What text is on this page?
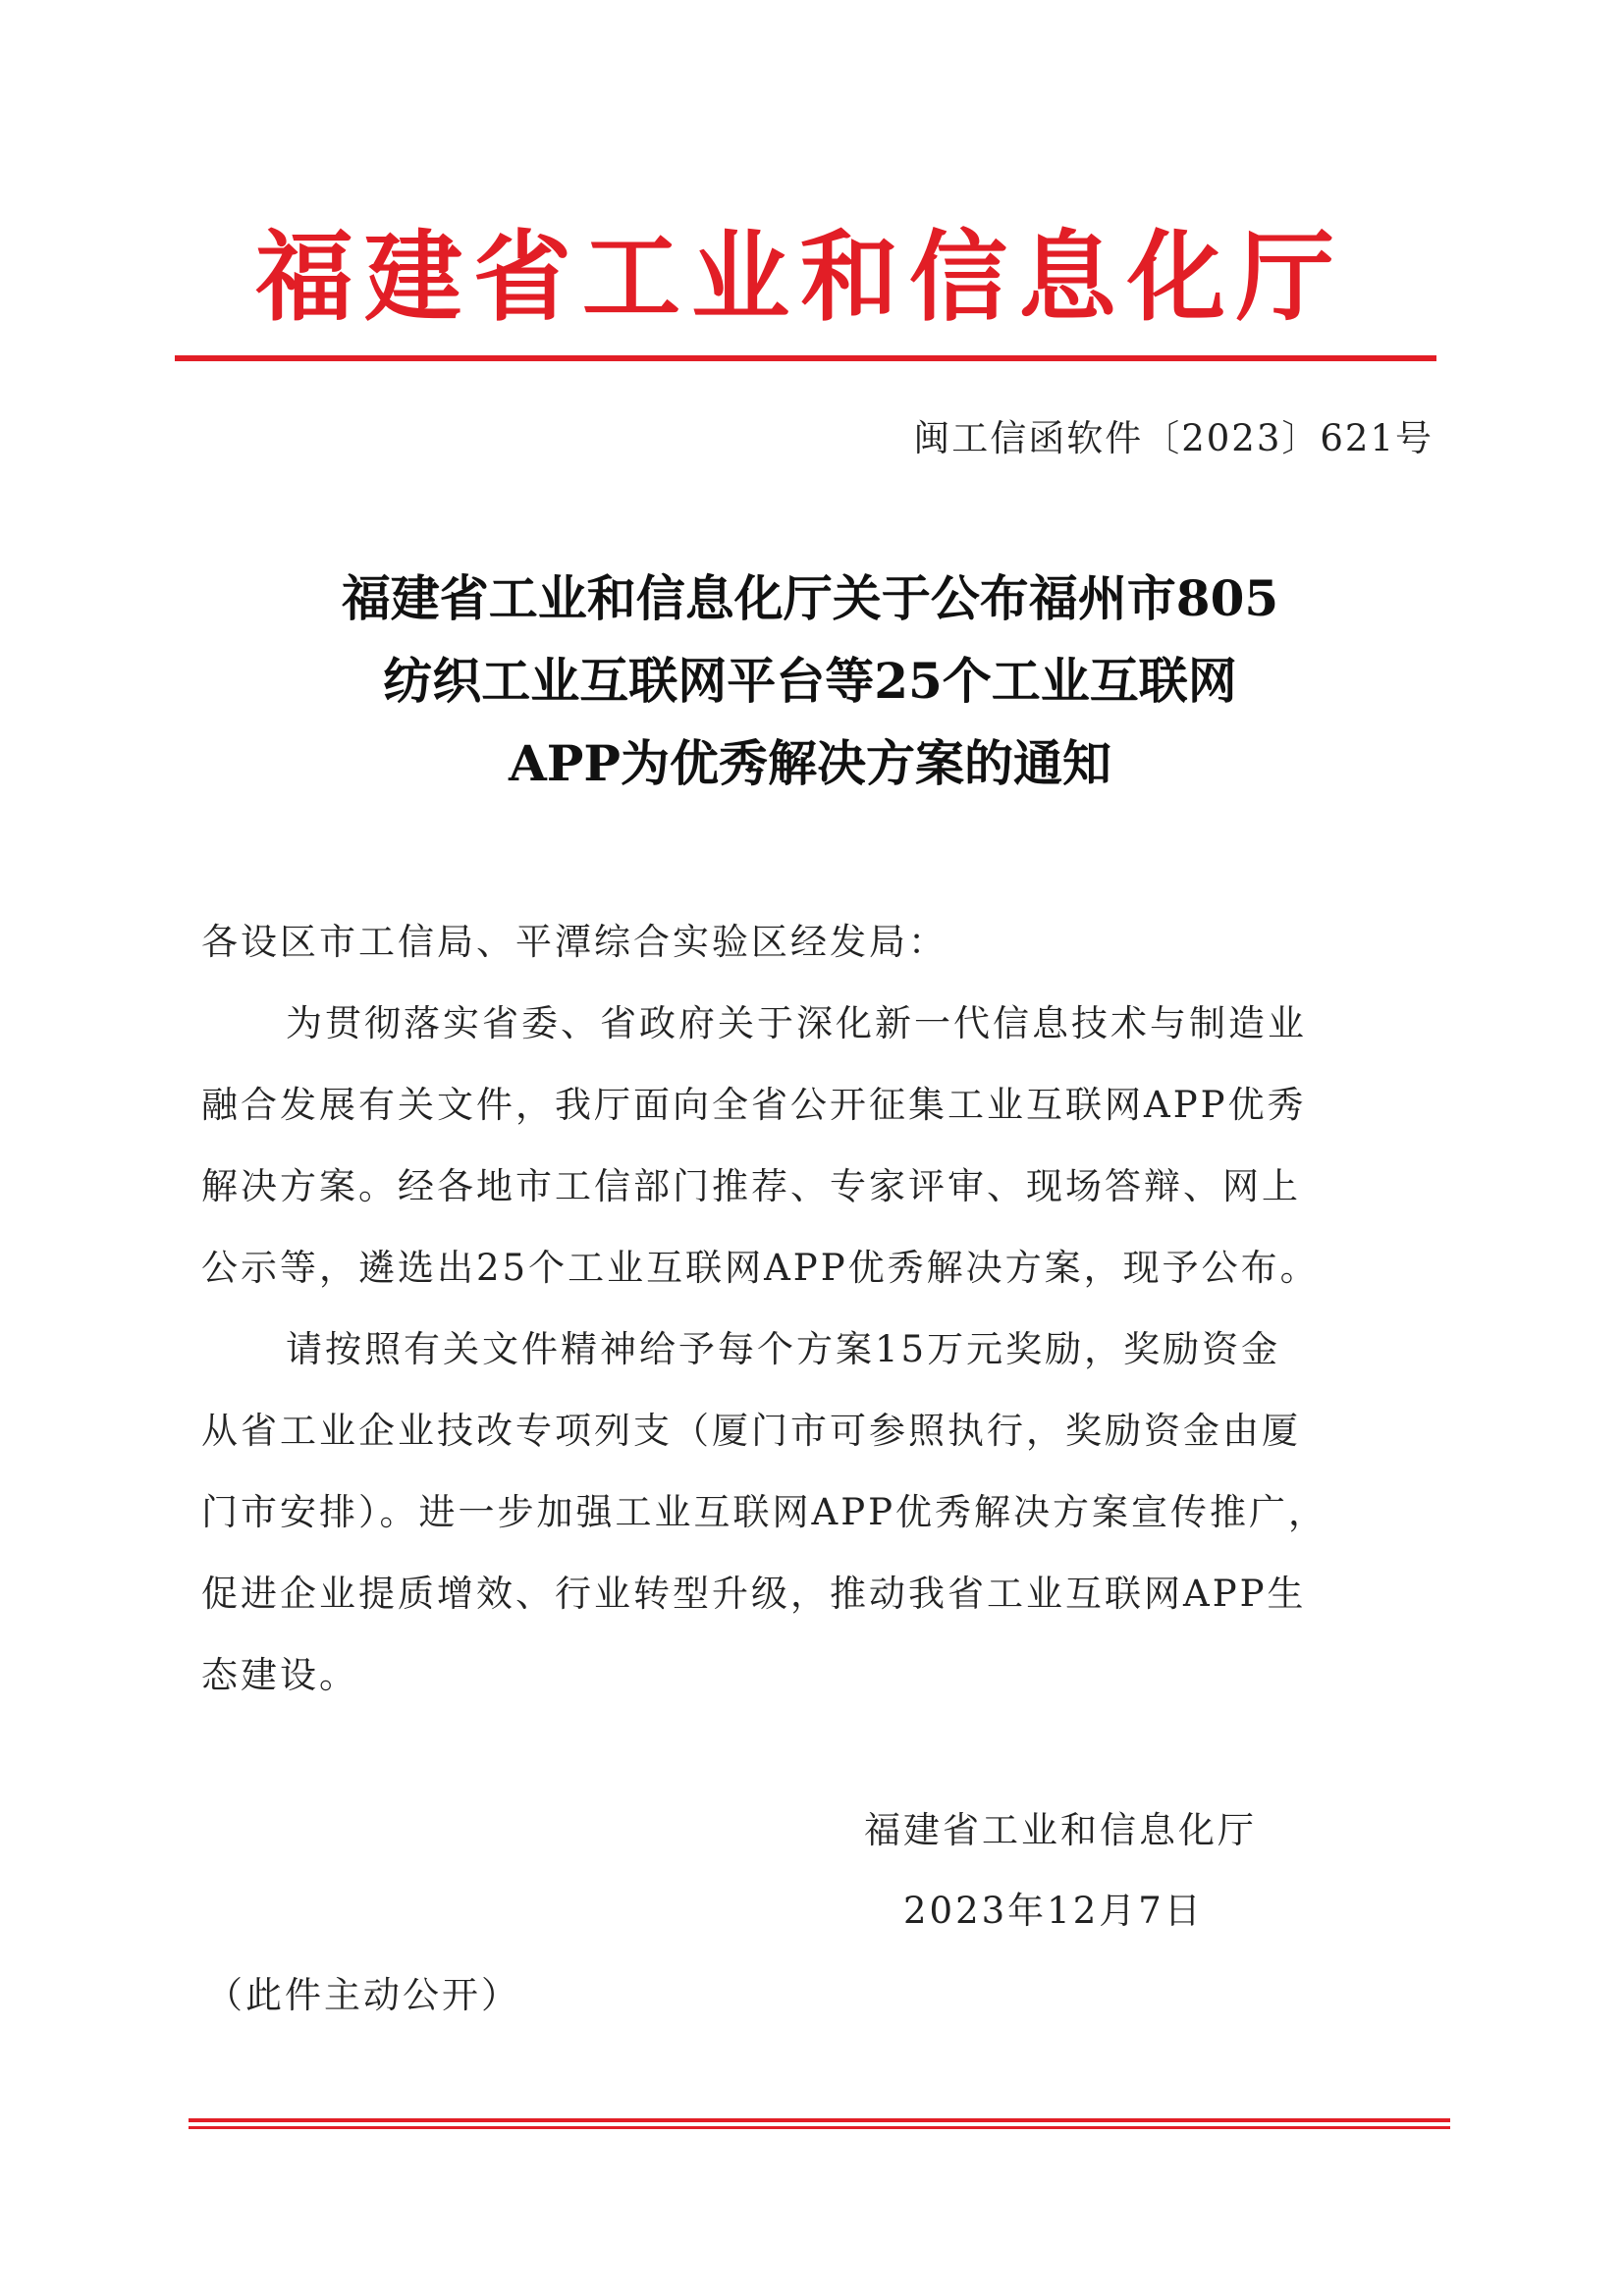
福建省工业和信息化厅
闽工信函软件〔2023〕621号
福建省工业和信息化厅关于公布福州市805
纺织工业互联网平台等25个工业互联网
APP为优秀解决方案的通知
各设区市工信局、平潭综合实验区经发局：
为贯彻落实省委、省政府关于深化新一代信息技术与制造业
融合发展有关文件，我厅面向全省公开征集工业互联网APP优秀
解决方案。经各地市工信部门推荐、专家评审、现场答辩、网上
公示等，遴选出25个工业互联网APP优秀解决方案，现予公布。
请按照有关文件精神给予每个方案15万元奖励，奖励资金
从省工业企业技改专项列支（厦门市可参照执行，奖励资金由厦
门市安排）。进一步加强工业互联网APP优秀解决方案宣传推广，
促进企业提质增效、行业转型升级，推动我省工业互联网APP生
态建设。
福建省工业和信息化厅
2023年12月7日
（此件主动公开）
